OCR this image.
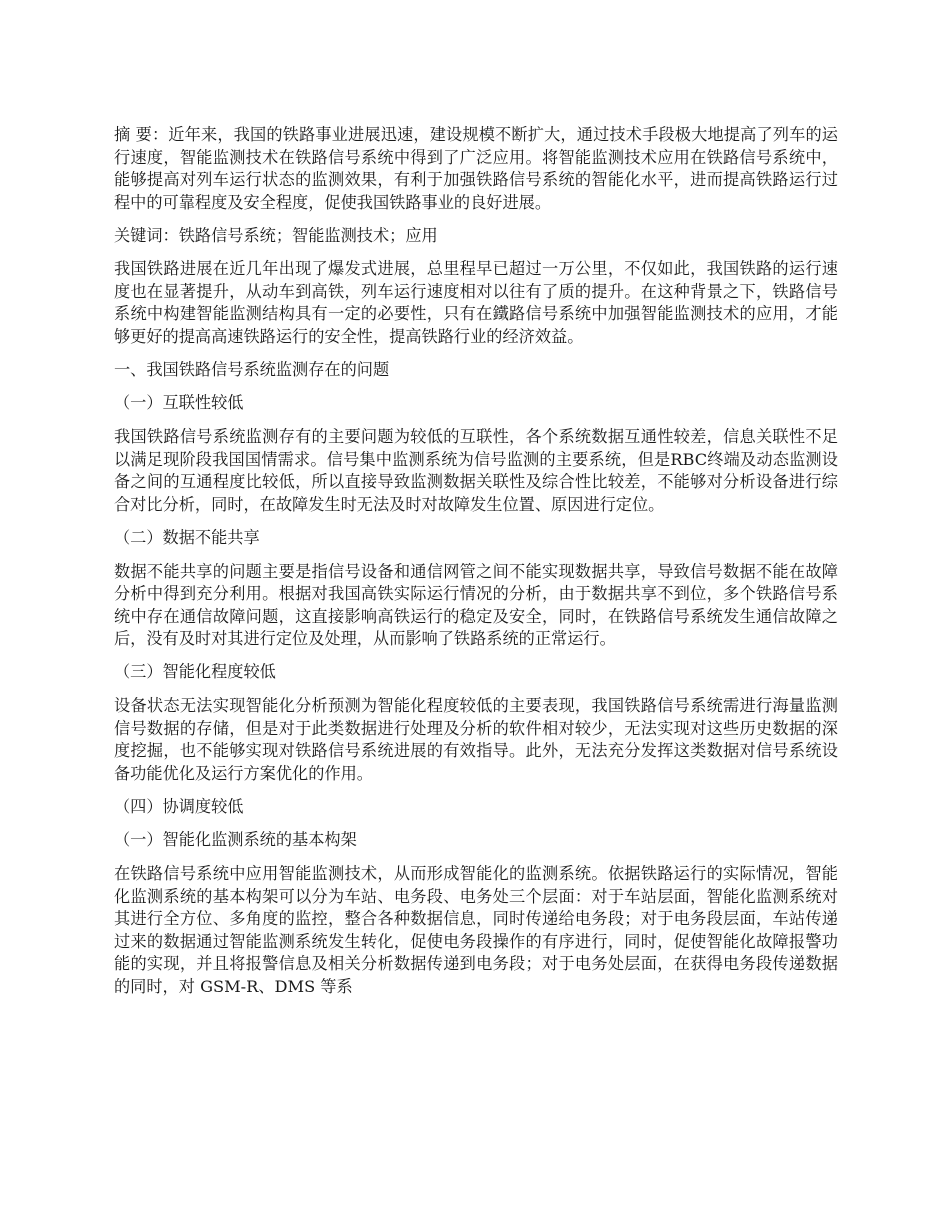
摘 要：近年来，我国的铁路事业进展迅速，建设规模不断扩大，通过技术手段极大地提高了列车的运行速度，智能监测技术在铁路信号系统中得到了广泛应用。将智能监测技术应用在铁路信号系统中，能够提高对列车运行状态的监测效果，有利于加强铁路信号系统的智能化水平，进而提高铁路运行过程中的可靠程度及安全程度，促使我国铁路事业的良好进展。

关键词：铁路信号系统；智能监测技术；应用

我国铁路进展在近几年出现了爆发式进展，总里程早已超过一万公里，不仅如此，我国铁路的运行速度也在显著提升，从动车到高铁，列车运行速度相对以往有了质的提升。在这种背景之下，铁路信号系统中构建智能监测结构具有一定的必要性，只有在鐵路信号系统中加强智能监测技术的应用，才能够更好的提高高速铁路运行的安全性，提高铁路行业的经济效益。

一、我国铁路信号系统监测存在的问题

（一）互联性较低

我国铁路信号系统监测存有的主要问题为较低的互联性，各个系统数据互通性较差，信息关联性不足以满足现阶段我国国情需求。信号集中监测系统为信号监测的主要系统，但是RBC终端及动态监测设备之间的互通程度比较低，所以直接导致监测数据关联性及综合性比较差，不能够对分析设备进行综合对比分析，同时，在故障发生时无法及时对故障发生位置、原因进行定位。

（二）数据不能共享

数据不能共享的问题主要是指信号设备和通信网管之间不能实现数据共享，导致信号数据不能在故障分析中得到充分利用。根据对我国高铁实际运行情况的分析，由于数据共享不到位，多个铁路信号系统中存在通信故障问题，这直接影响高铁运行的稳定及安全，同时，在铁路信号系统发生通信故障之后，没有及时对其进行定位及处理，从而影响了铁路系统的正常运行。

（三）智能化程度较低

设备状态无法实现智能化分析预测为智能化程度较低的主要表现，我国铁路信号系统需进行海量监测信号数据的存储，但是对于此类数据进行处理及分析的软件相对较少，无法实现对这些历史数据的深度挖掘，也不能够实现对铁路信号系统进展的有效指导。此外，无法充分发挥这类数据对信号系统设备功能优化及运行方案优化的作用。

（四）协调度较低

（一）智能化监测系统的基本构架

在铁路信号系统中应用智能监测技术，从而形成智能化的监测系统。依据铁路运行的实际情况，智能化监测系统的基本构架可以分为车站、电务段、电务处三个层面：对于车站层面，智能化监测系统对其进行全方位、多角度的监控，整合各种数据信息，同时传递给电务段；对于电务段层面，车站传递过来的数据通过智能监测系统发生转化，促使电务段操作的有序进行，同时，促使智能化故障报警功能的实现，并且将报警信息及相关分析数据传递到电务段；对于电务处层面，在获得电务段传递数据的同时，对 GSM-R、DMS 等系
